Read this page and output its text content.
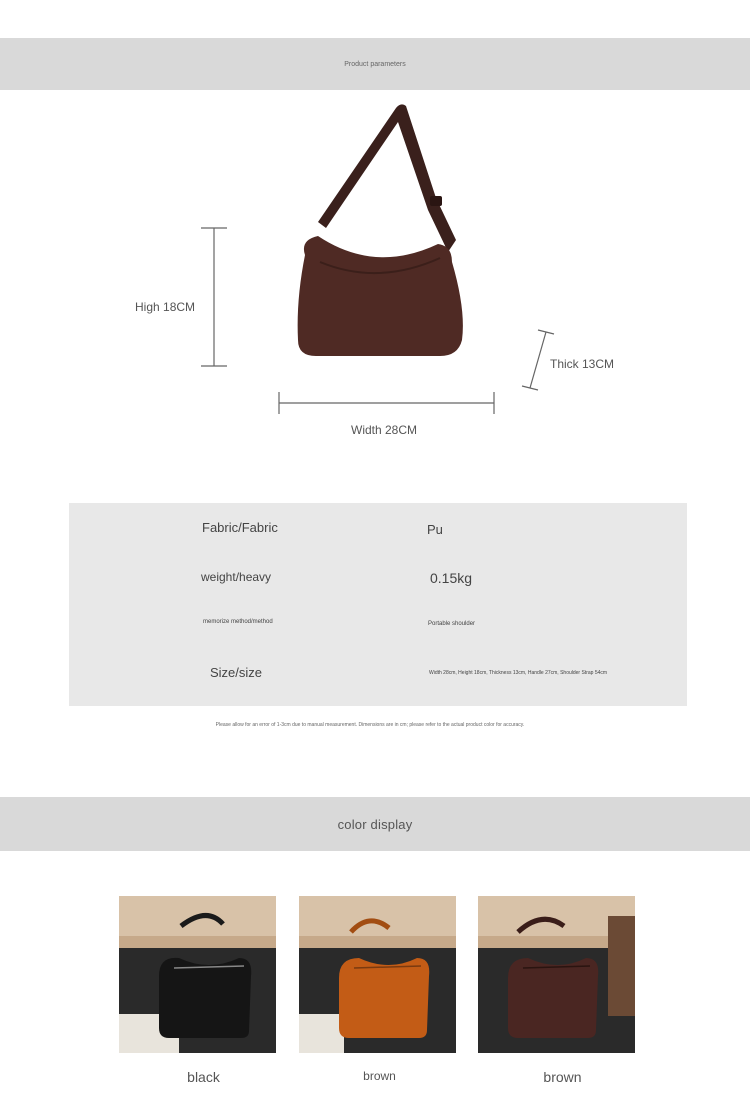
Product parameters
High 18CM
Thick 13CM
Width 28CM
Fabric/Fabric	Pu
weight/heavy	0.15kg
memorize method/method	Portable shoulder
Size/size	Width 28cm, Height 18cm, Thickness 13cm, Handle 27cm, Shoulder Strap 54cm
Please allow for an error of 1-3cm due to manual measurement. Dimensions are in cm; please refer to the actual product color for accuracy.
color display
black	brown	brown
